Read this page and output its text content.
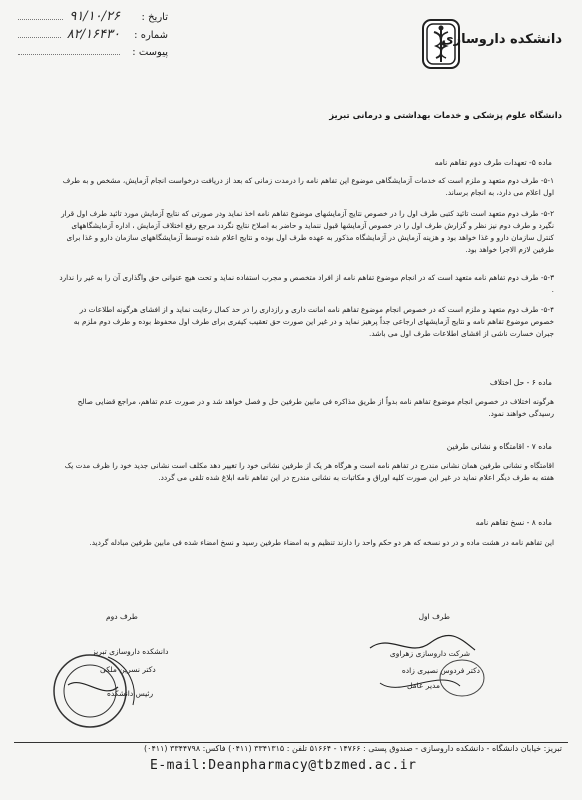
تاریخ :
۹۱/۱۰/۲۶
شماره :
۸۲/۱۶۴۳۰
پیوست :
دانشکده داروسازی
دانشگاه علوم پزشکی و خدمات بهداشتی و درمانی تبریز
ماده ۵- تعهدات طرف دوم تفاهم نامه
۵-۱- طرف دوم متعهد و ملزم است که خدمات آزمایشگاهی موضوع این تفاهم نامه را درمدت زمانی که بعد از دریافت درخواست انجام آزمایش، مشخص و به طرف اول اعلام می دارد، به انجام برساند.
۵-۲- طرف دوم متعهد است تائید کتبی طرف اول را در خصوص نتایج آزمایشهای موضوع تفاهم نامه اخذ نماید ودر صورتی که نتایج آزمایش مورد تائید طرف اول قرار نگیرد و طرف دوم نیز نظر و گزارش طرف اول را در خصوص آزمایشها قبول ننماید و حاضر به اصلاح نتایج نگردد مرجع رفع اختلاف آزمایش ، اداره آزمایشگاههای کنترل سازمان دارو و غذا خواهد بود و هزینه آزمایش در آزمایشگاه مذکور به عهده طرف اول بوده و نتایج اعلام شده توسط آزمایشگاههای سازمان دارو و غذا برای طرفین لازم الاجرا خواهد بود.
۵-۳- طرف دوم تفاهم نامه متعهد است که در انجام موضوع تفاهم نامه از افراد متخصص و مجرب استفاده نماید و تحت هیچ عنوانی حق واگذاری آن را به غیر را ندارد .
۵-۴- طرف دوم متعهد و ملزم است که در خصوص انجام موضوع تفاهم نامه امانت داری و رازداری را در حد کمال رعایت نماید و از افشای هرگونه اطلاعات در خصوص موضوع تفاهم نامه و نتایج آزمایشهای ارجاعی جداً پرهیز نماید و در غیر این صورت حق تعقیب کیفری برای طرف اول محفوظ بوده و طرف دوم ملزم به جبران خسارت ناشی از افشای اطلاعات طرف اول می باشد.
ماده ۶ - حل اختلاف
هرگونه اختلاف در خصوص انجام موضوع تفاهم نامه بدواً از طریق مذاکره فی مابین طرفین حل و فصل خواهد شد و در صورت عدم تفاهم، مراجع قضایی صالح رسیدگی خواهند نمود.
ماده ۷ - اقامتگاه و نشانی طرفین
اقامتگاه و نشانی طرفین همان نشانی مندرج در تفاهم نامه است و هرگاه هر یک از طرفین نشانی خود را تغییر دهد مکلف است نشانی جدید خود را ظرف مدت یک هفته به طرف دیگر اعلام نماید در غیر این صورت کلیه اوراق و مکاتبات به نشانی مندرج در این تفاهم نامه ابلاغ شده تلقی می گردد.
ماده ۸ - نسخ تفاهم نامه
این تفاهم نامه در هشت ماده و در دو نسخه که هر دو حکم واحد را دارند تنظیم و به امضاء طرفین رسید و نسخ امضاء شده فی مابین طرفین مبادله گردید.
طرف اول
شرکت داروسازی زهراوی
دکتر فردوس نصیری زاده
مدیر عامل
طرف دوم
دانشکده داروسازی تبریز
دکتر نسرین ملکی
رئیس دانشکده
تبریز: خیابان دانشگاه - دانشکده داروسازی - صندوق پستی : ۱۴۷۶۶ - ۵۱۶۶۴ تلفن : ۳۳۴۱۳۱۵ (۰۴۱۱) فاکس: ۳۳۴۴۷۹۸ (۰۴۱۱)
E-mail:Deanpharmacy@tbzmed.ac.ir
